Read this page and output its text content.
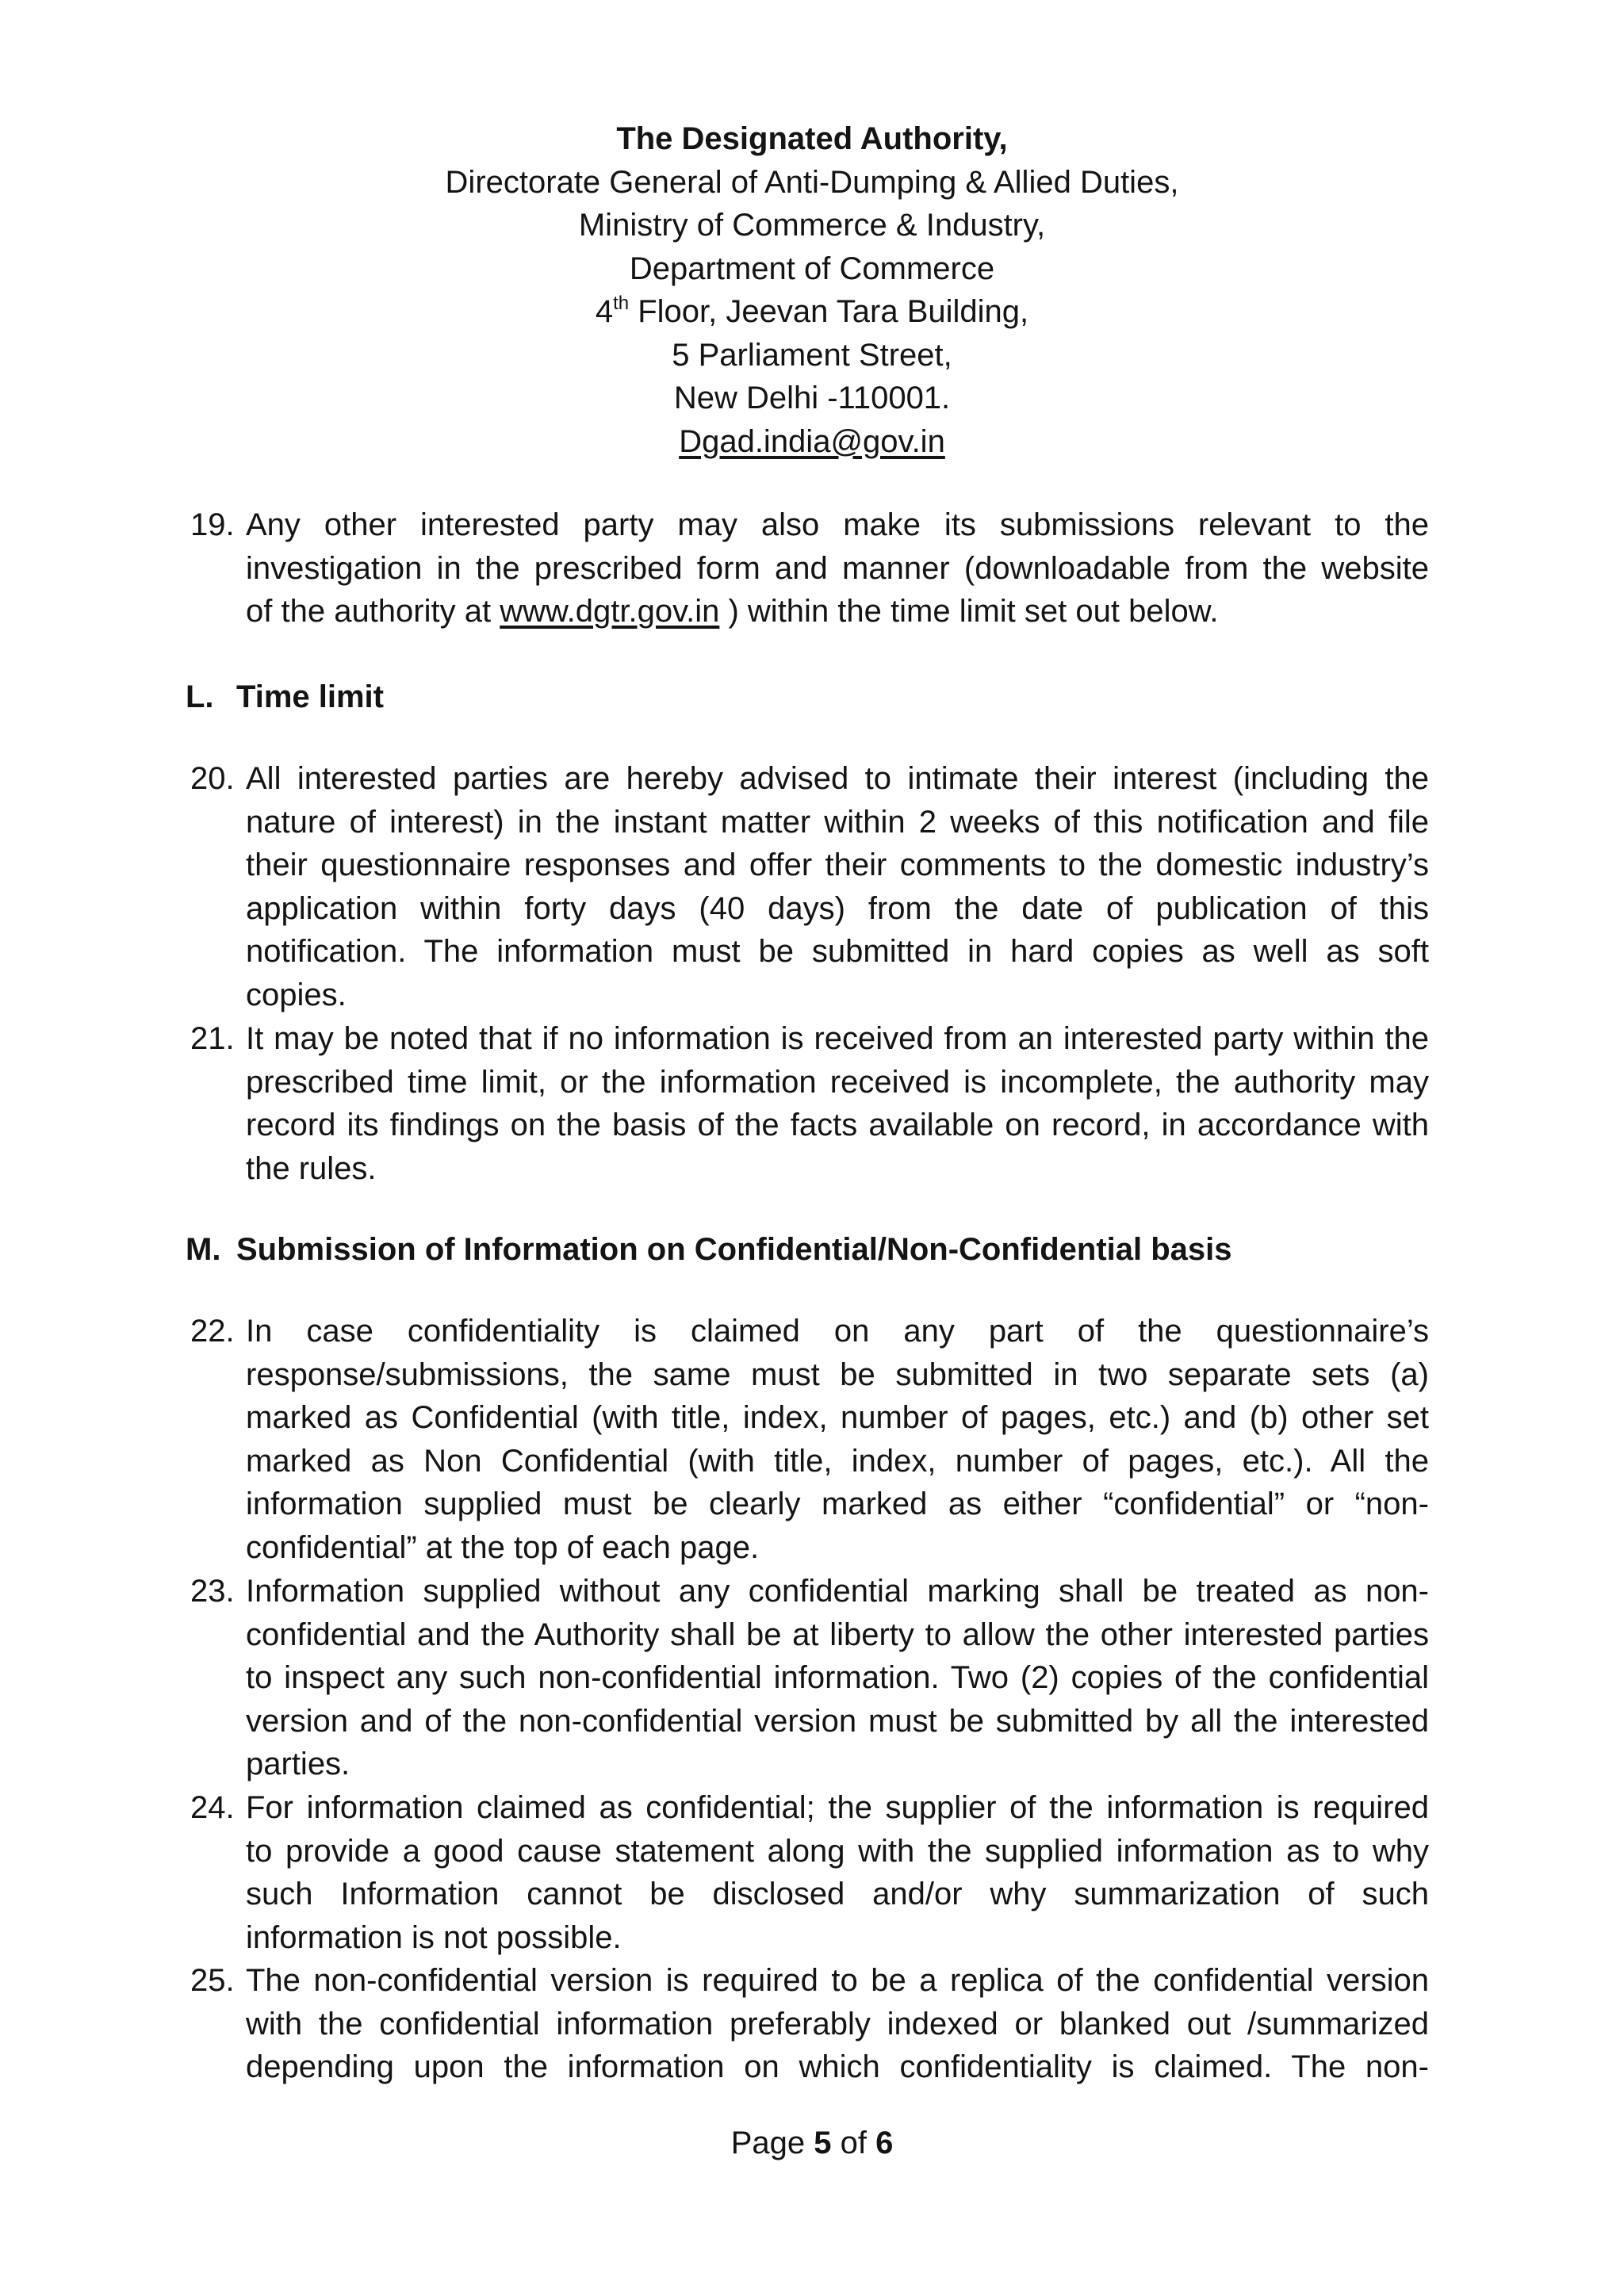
The Designated Authority,
Directorate General of Anti-Dumping & Allied Duties,
Ministry of Commerce & Industry,
Department of Commerce
4th Floor, Jeevan Tara Building,
5 Parliament Street,
New Delhi -110001.
Dgad.india@gov.in
19. Any other interested party may also make its submissions relevant to the
investigation in the prescribed form and manner (downloadable from the website
of the authority at www.dgtr.gov.in ) within the time limit set out below.
L. Time limit
20. All interested parties are hereby advised to intimate their interest (including the
nature of interest) in the instant matter within 2 weeks of this notification and file
their questionnaire responses and offer their comments to the domestic industry’s
application within forty days (40 days) from the date of publication of this
notification. The information must be submitted in hard copies as well as soft
copies.
21. It may be noted that if no information is received from an interested party within the
prescribed time limit, or the information received is incomplete, the authority may
record its findings on the basis of the facts available on record, in accordance with
the rules.
M. Submission of Information on Confidential/Non-Confidential basis
22. In case confidentiality is claimed on any part of the questionnaire’s
response/submissions, the same must be submitted in two separate sets (a)
marked as Confidential (with title, index, number of pages, etc.) and (b) other set
marked as Non Confidential (with title, index, number of pages, etc.). All the
information supplied must be clearly marked as either “confidential” or “non-
confidential” at the top of each page.
23. Information supplied without any confidential marking shall be treated as non-
confidential and the Authority shall be at liberty to allow the other interested parties
to inspect any such non-confidential information. Two (2) copies of the confidential
version and of the non-confidential version must be submitted by all the interested
parties.
24. For information claimed as confidential; the supplier of the information is required
to provide a good cause statement along with the supplied information as to why
such Information cannot be disclosed and/or why summarization of such
information is not possible.
25. The non-confidential version is required to be a replica of the confidential version
with the confidential information preferably indexed or blanked out /summarized
depending upon the information on which confidentiality is claimed. The non-
Page 5 of 6
